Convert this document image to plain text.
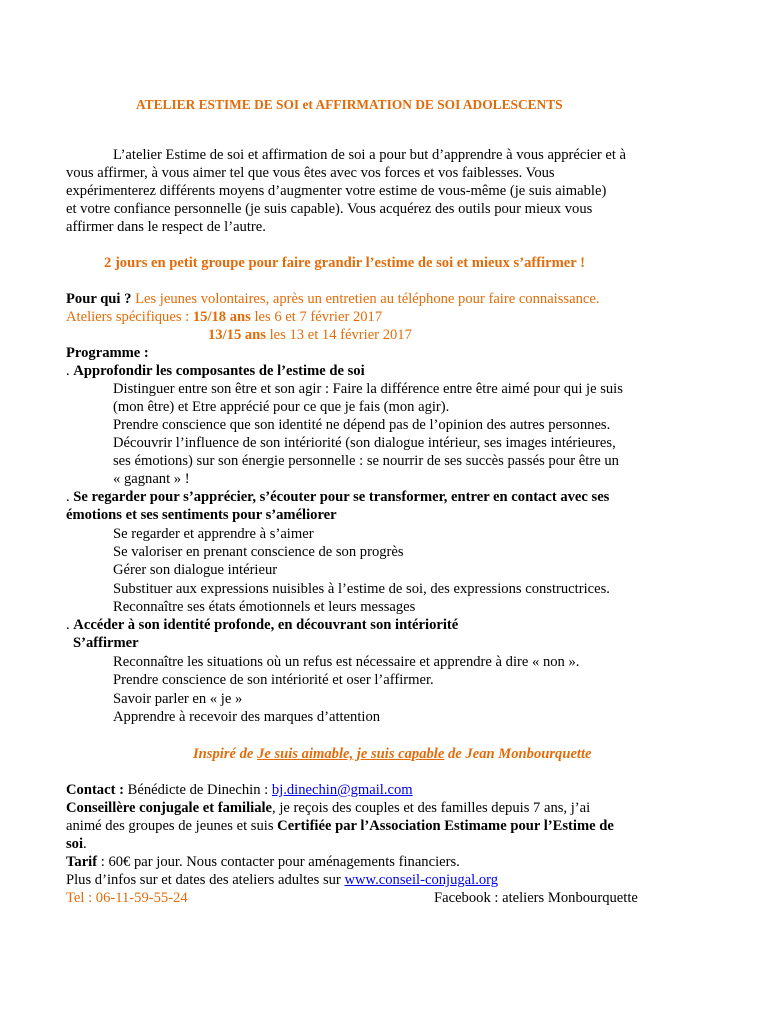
ATELIER ESTIME DE SOI et AFFIRMATION DE SOI ADOLESCENTS
L’atelier Estime de soi et affirmation de soi a pour but d’apprendre à vous apprécier et à
vous affirmer, à vous aimer tel que vous êtes avec vos forces et vos faiblesses. Vous
expérimenterez différents moyens d’augmenter votre estime de vous-même (je suis aimable)
et votre confiance personnelle (je suis capable). Vous acquérez des outils pour mieux vous
affirmer dans le respect de l’autre.
2 jours en petit groupe pour faire grandir l’estime de soi et mieux s’affirmer !
Pour qui ? Les jeunes volontaires, après un entretien au téléphone pour faire connaissance.
Ateliers spécifiques : 15/18 ans les 6 et 7 février 2017
13/15 ans les 13 et 14 février 2017
Programme :
. Approfondir les composantes de l’estime de soi
Distinguer entre son être et son agir : Faire la différence entre être aimé pour qui je suis
(mon être) et Etre apprécié pour ce que je fais (mon agir).
Prendre conscience que son identité ne dépend pas de l’opinion des autres personnes.
Découvrir l’influence de son intériorité (son dialogue intérieur, ses images intérieures,
ses émotions) sur son énergie personnelle : se nourrir de ses succès passés pour être un
« gagnant » !
. Se regarder pour s’apprécier, s’écouter pour se transformer, entrer en contact avec ses
émotions et ses sentiments pour s’améliorer
Se regarder et apprendre à s’aimer
Se valoriser en prenant conscience de son progrès
Gérer son dialogue intérieur
Substituer aux expressions nuisibles à l’estime de soi, des expressions constructrices.
Reconnaître ses états émotionnels et leurs messages
. Accéder à son identité profonde, en découvrant son intériorité
S’affirmer
Reconnaître les situations où un refus est nécessaire et apprendre à dire « non ».
Prendre conscience de son intériorité et oser l’affirmer.
Savoir parler en « je »
Apprendre à recevoir des marques d’attention
Inspiré de Je suis aimable, je suis capable de Jean Monbourquette
Contact : Bénédicte de Dinechin : bj.dinechin@gmail.com
Conseillère conjugale et familiale, je reçois des couples et des familles depuis 7 ans, j’ai
animé des groupes de jeunes et suis Certifiée par l’Association Estimame pour l’Estime de
soi.
Tarif : 60€ par jour. Nous contacter pour aménagements financiers.
Plus d’infos sur et dates des ateliers adultes sur www.conseil-conjugal.org
Tel : 06-11-59-55-24	Facebook : ateliers Monbourquette
